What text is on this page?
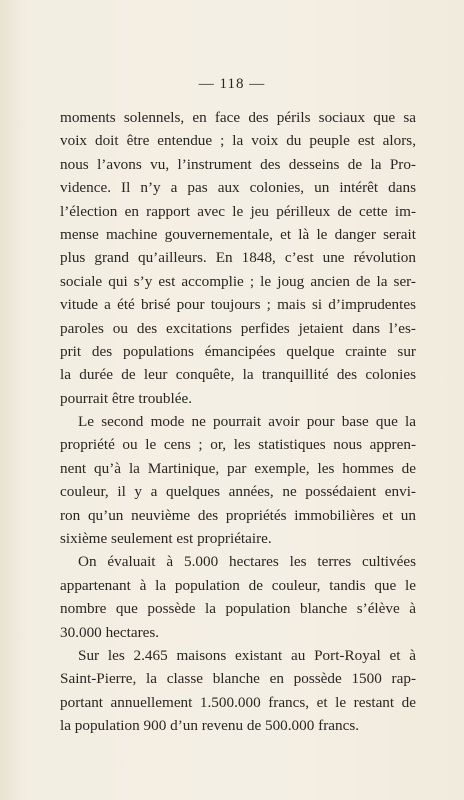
— 118 —
moments solennels, en face des périls sociaux que sa
voix doit être entendue ; la voix du peuple est alors,
nous l’avons vu, l’instrument des desseins de la Pro-
vidence. Il n’y a pas aux colonies, un intérêt dans
l’élection en rapport avec le jeu périlleux de cette im-
mense machine gouvernementale, et là le danger serait
plus grand qu’ailleurs. En 1848, c’est une révolution
sociale qui s’y est accomplie ; le joug ancien de la ser-
vitude a été brisé pour toujours ; mais si d’imprudentes
paroles ou des excitations perfides jetaient dans l’es-
prit des populations émancipées quelque crainte sur
la durée de leur conquête, la tranquillité des colonies
pourrait être troublée.
Le second mode ne pourrait avoir pour base que la
propriété ou le cens ; or, les statistiques nous appren-
nent qu’à la Martinique, par exemple, les hommes de
couleur, il y a quelques années, ne possédaient envi-
ron qu’un neuvième des propriétés immobilières et un
sixième seulement est propriétaire.
On évaluait à 5.000 hectares les terres cultivées
appartenant à la population de couleur, tandis que le
nombre que possède la population blanche s’élève à
30.000 hectares.
Sur les 2.465 maisons existant au Port-Royal et à
Saint-Pierre, la classe blanche en possède 1500 rap-
portant annuellement 1.500.000 francs, et le restant de
la population 900 d’un revenu de 500.000 francs.
